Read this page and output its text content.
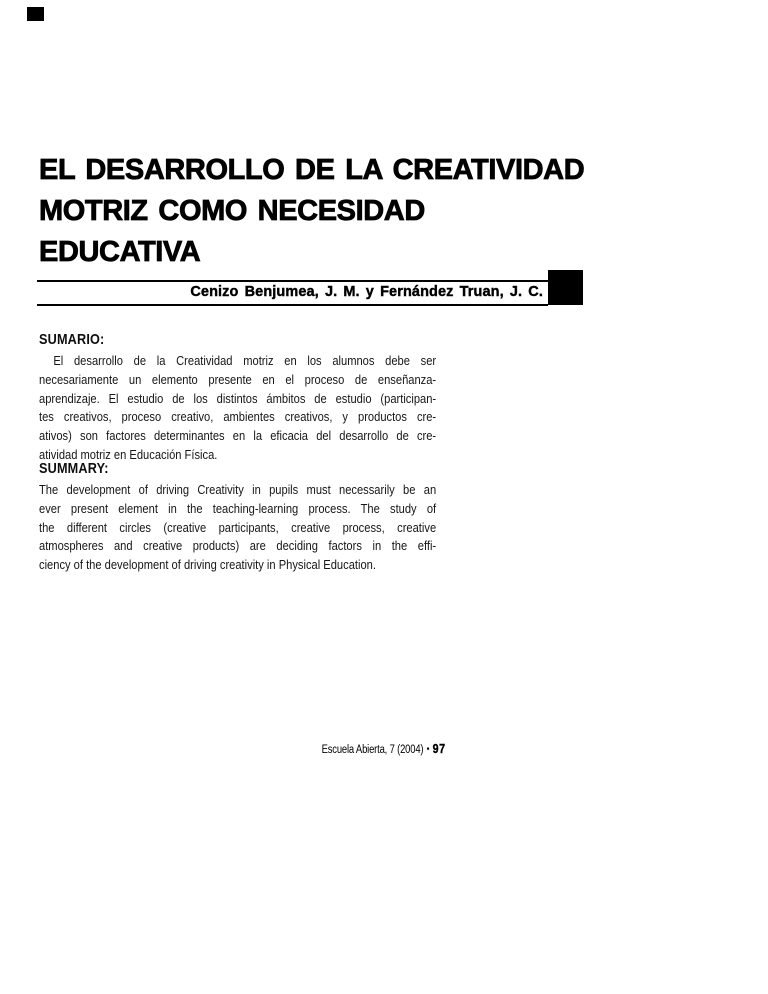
EL DESARROLLO DE LA CREATIVIDAD
MOTRIZ COMO NECESIDAD
EDUCATIVA
Cenizo Benjumea, J. M. y Fernández Truan, J. C.
SUMARIO:
El desarrollo de la Creatividad motriz en los alumnos debe ser
necesariamente un elemento presente en el proceso de enseñanza-
aprendizaje. El estudio de los distintos ámbitos de estudio (participan-
tes creativos, proceso creativo, ambientes creativos, y productos cre-
ativos) son factores determinantes en la eficacia del desarrollo de cre-
atividad motriz en Educación Física.
SUMMARY:
The development of driving Creativity in pupils must necessarily be an
ever present element in the teaching-learning process. The study of
the different circles (creative participants, creative process, creative
atmospheres and creative products) are deciding factors in the effi-
ciency of the development of driving creativity in Physical Education.
Escuela Abierta, 7 (2004) • 97
